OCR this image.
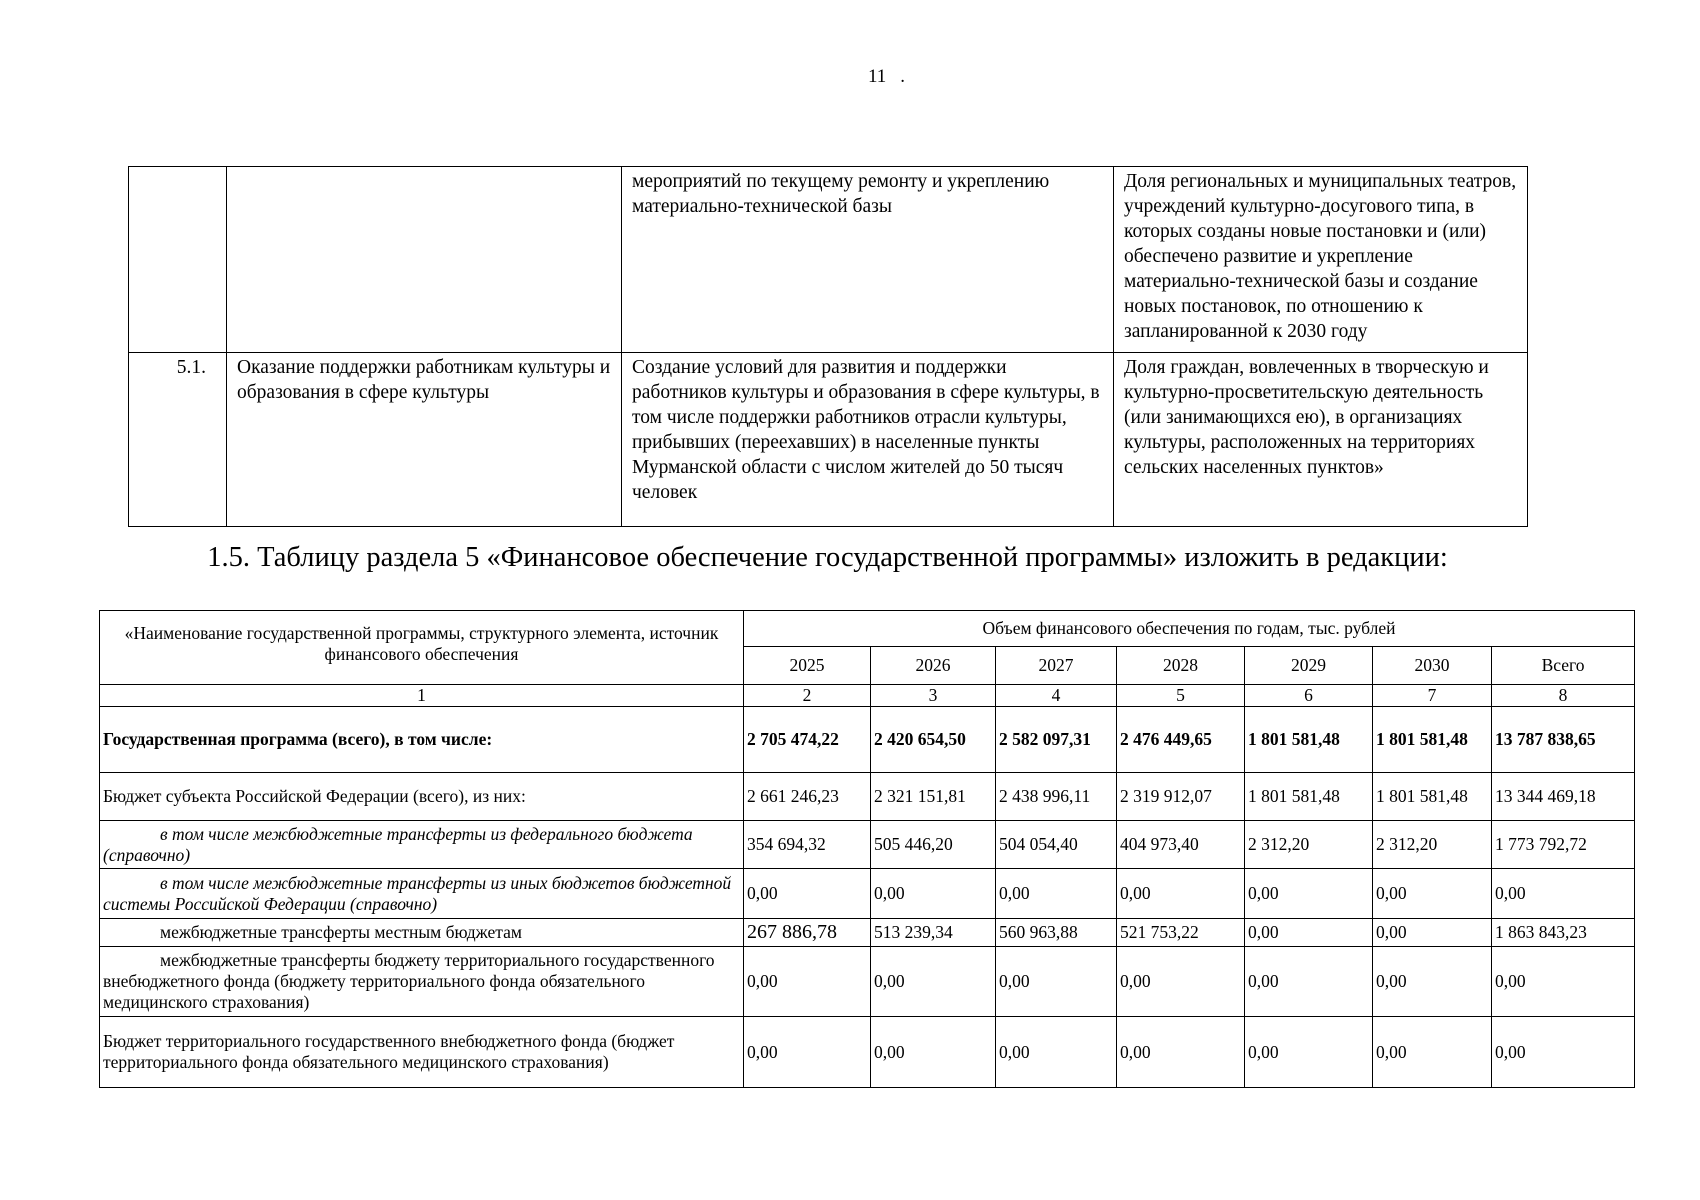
11 .
		мероприятий по текущему ремонту и укреплению материально-технической базы	Доля региональных и муниципальных театров, учреждений культурно-досугового типа, в которых созданы новые постановки и (или) обеспечено развитие и укрепление материально-технической базы и создание новых постановок, по отношению к запланированной к 2030 году
5.1.	Оказание поддержки работникам культуры и образования в сфере культуры	Создание условий для развития и поддержки работников культуры и образования в сфере культуры, в том числе поддержки работников отрасли культуры, прибывших (переехавших) в населенные пункты Мурманской области с числом жителей до 50 тысяч человек	Доля граждан, вовлеченных в творческую и культурно-просветительскую деятельность (или занимающихся ею), в организациях культуры, расположенных на территориях сельских населенных пунктов»
1.5. Таблицу раздела 5 «Финансовое обеспечение государственной программы» изложить в редакции:
«Наименование государственной программы, структурного элемента, источник финансового обеспечения	Объем финансового обеспечения по годам, тыс. рублей						
	2025	2026	2027	2028	2029	2030	Всего
1	2	3	4	5	6	7	8
Государственная программа (всего), в том числе:	2 705 474,22	2 420 654,50	2 582 097,31	2 476 449,65	1 801 581,48	1 801 581,48	13 787 838,65
Бюджет субъекта Российской Федерации (всего), из них:	2 661 246,23	2 321 151,81	2 438 996,11	2 319 912,07	1 801 581,48	1 801 581,48	13 344 469,18
в том числе межбюджетные трансферты из федерального бюджета (справочно)	354 694,32	505 446,20	504 054,40	404 973,40	2 312,20	2 312,20	1 773 792,72
в том числе межбюджетные трансферты из иных бюджетов бюджетной системы Российской Федерации (справочно)	0,00	0,00	0,00	0,00	0,00	0,00	0,00
межбюджетные трансферты местным бюджетам	267 886,78	513 239,34	560 963,88	521 753,22	0,00	0,00	1 863 843,23
межбюджетные трансферты бюджету территориального государственного внебюджетного фонда (бюджету территориального фонда обязательного медицинского страхования)	0,00	0,00	0,00	0,00	0,00	0,00	0,00
Бюджет территориального государственного внебюджетного фонда (бюджет территориального фонда обязательного медицинского страхования)	0,00	0,00	0,00	0,00	0,00	0,00	0,00
